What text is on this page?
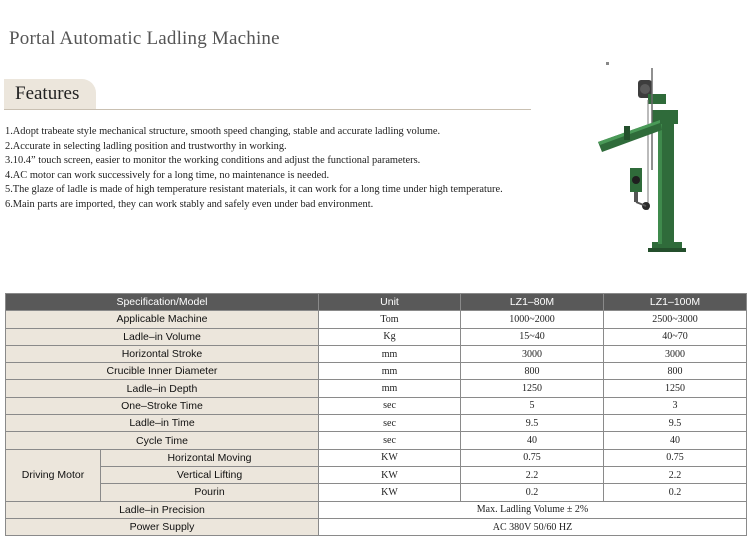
Portal Automatic Ladling Machine
Features
1. Adopt trabeate style mechanical structure, smooth speed changing, stable and accurate ladling volume.
2. Accurate in selecting ladling position and trustworthy in working.
3. 10.4” touch screen, easier to monitor the working conditions and adjust the functional parameters.
4. AC motor can work successively for a long time, no maintenance is needed.
5. The glaze of ladle is made of high temperature resistant materials, it can work for a long time under high temperature.
6. Main parts are imported, they can work stably and safely even under bad environment.
Specification/Model		Unit	LZ1–80M	LZ1–100M
Applicable Machine		Tom	1000~2000	2500~3000
Ladle–in Volume		Kg	15~40	40~70
Horizontal Stroke		mm	3000	3000
Crucible Inner Diameter		mm	800	800
Ladle–in Depth		mm	1250	1250
One–Stroke Time		sec	5	3
Ladle–in Time		sec	9.5	9.5
Cycle Time		sec	40	40
Driving Motor	Horizontal Moving	KW	0.75	0.75
	Vertical Lifting	KW	2.2	2.2
	Pourin	KW	0.2	0.2
Ladle–in Precision		Max. Ladling Volume ± 2%		
Power Supply		AC 380V 50/60 HZ		
